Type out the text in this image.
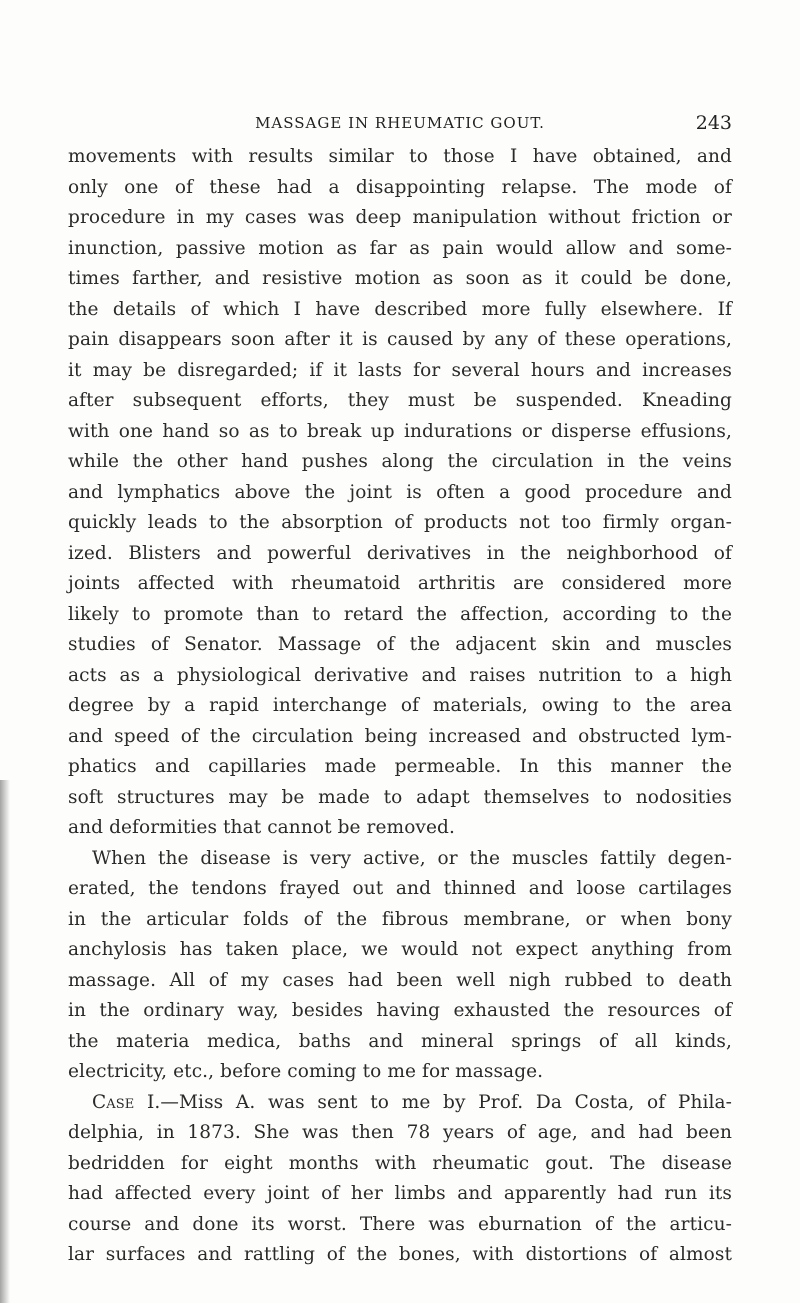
MASSAGE IN RHEUMATIC GOUT.	243
movements with results similar to those I have obtained, and
only one of these had a disappointing relapse. The mode of
procedure in my cases was deep manipulation without friction or
inunction, passive motion as far as pain would allow and some-
times farther, and resistive motion as soon as it could be done,
the details of which I have described more fully elsewhere. If
pain disappears soon after it is caused by any of these operations,
it may be disregarded; if it lasts for several hours and increases
after subsequent efforts, they must be suspended. Kneading
with one hand so as to break up indurations or disperse effusions,
while the other hand pushes along the circulation in the veins
and lymphatics above the joint is often a good procedure and
quickly leads to the absorption of products not too firmly organ-
ized. Blisters and powerful derivatives in the neighborhood of
joints affected with rheumatoid arthritis are considered more
likely to promote than to retard the affection, according to the
studies of Senator. Massage of the adjacent skin and muscles
acts as a physiological derivative and raises nutrition to a high
degree by a rapid interchange of materials, owing to the area
and speed of the circulation being increased and obstructed lym-
phatics and capillaries made permeable. In this manner the
soft structures may be made to adapt themselves to nodosities
and deformities that cannot be removed.
When the disease is very active, or the muscles fattily degen-
erated, the tendons frayed out and thinned and loose cartilages
in the articular folds of the fibrous membrane, or when bony
anchylosis has taken place, we would not expect anything from
massage. All of my cases had been well nigh rubbed to death
in the ordinary way, besides having exhausted the resources of
the materia medica, baths and mineral springs of all kinds,
electricity, etc., before coming to me for massage.
Case I.—Miss A. was sent to me by Prof. Da Costa, of Phila-
delphia, in 1873. She was then 78 years of age, and had been
bedridden for eight months with rheumatic gout. The disease
had affected every joint of her limbs and apparently had run its
course and done its worst. There was eburnation of the articu-
lar surfaces and rattling of the bones, with distortions of almost
